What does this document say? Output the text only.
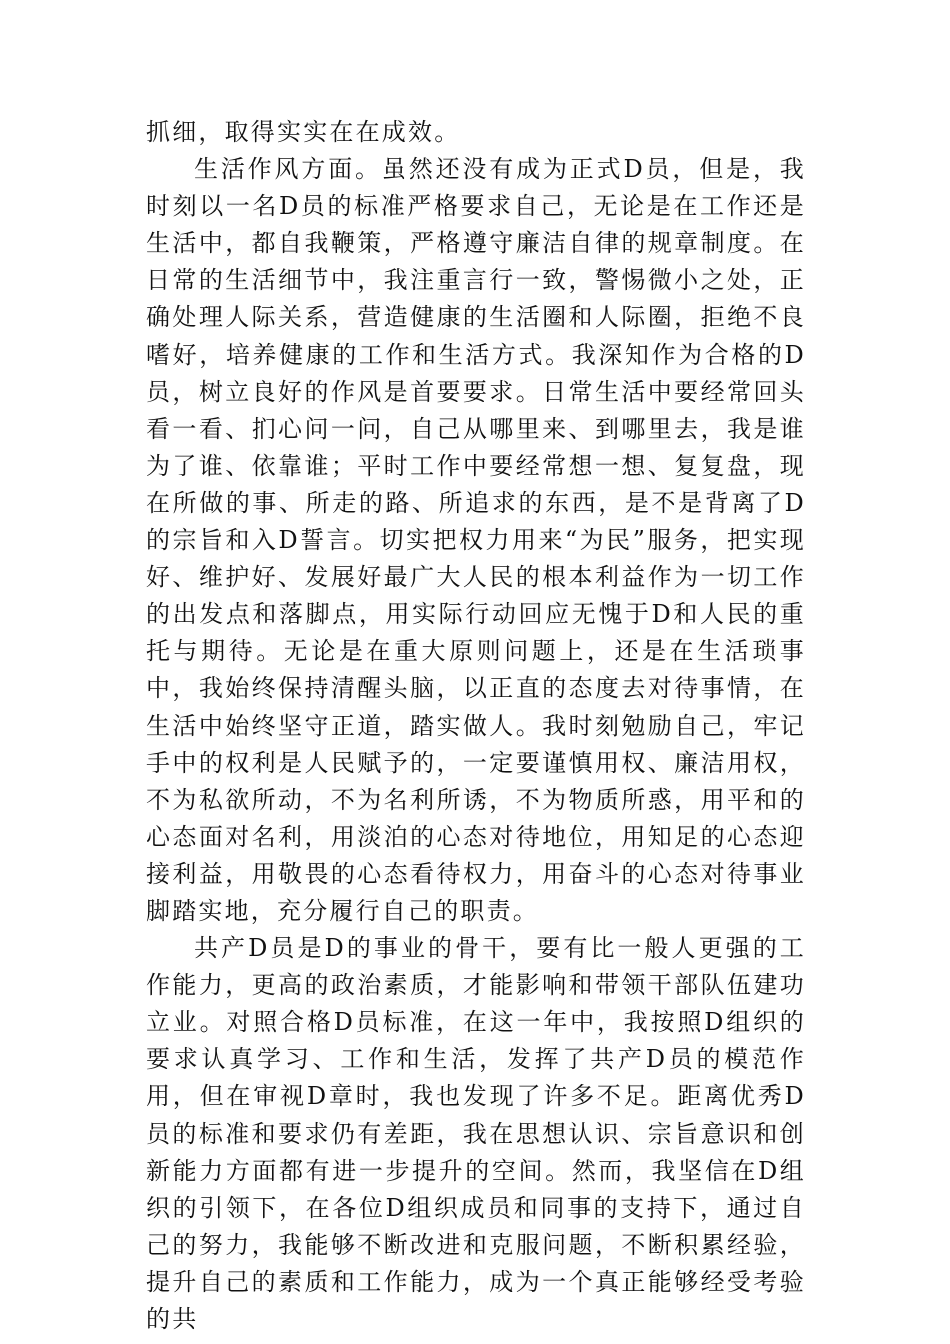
抓细，取得实实在在成效。

生活作风方面。虽然还没有成为正式D员，但是，我时刻以一名D员的标准严格要求自己，无论是在工作还是生活中，都自我鞭策，严格遵守廉洁自律的规章制度。在日常的生活细节中，我注重言行一致，警惕微小之处，正确处理人际关系，营造健康的生活圈和人际圈，拒绝不良嗜好，培养健康的工作和生活方式。我深知作为合格的D员，树立良好的作风是首要要求。日常生活中要经常回头看一看、扪心问一问，自己从哪里来、到哪里去，我是谁为了谁、依靠谁；平时工作中要经常想一想、复复盘，现在所做的事、所走的路、所追求的东西，是不是背离了D的宗旨和入D誓言。切实把权力用来“为民”服务，把实现好、维护好、发展好最广大人民的根本利益作为一切工作的出发点和落脚点，用实际行动回应无愧于D和人民的重托与期待。无论是在重大原则问题上，还是在生活琐事中，我始终保持清醒头脑，以正直的态度去对待事情，在生活中始终坚守正道，踏实做人。我时刻勉励自己，牢记手中的权利是人民赋予的，一定要谨慎用权、廉洁用权，不为私欲所动，不为名利所诱，不为物质所惑，用平和的心态面对名利，用淡泊的心态对待地位，用知足的心态迎接利益，用敬畏的心态看待权力，用奋斗的心态对待事业脚踏实地，充分履行自己的职责。

共产D员是D的事业的骨干，要有比一般人更强的工作能力，更高的政治素质，才能影响和带领干部队伍建功立业。对照合格D员标准，在这一年中，我按照D组织的要求认真学习、工作和生活，发挥了共产D员的模范作用，但在审视D章时，我也发现了许多不足。距离优秀D员的标准和要求仍有差距，我在思想认识、宗旨意识和创新能力方面都有进一步提升的空间。然而，我坚信在D组织的引领下，在各位D组织成员和同事的支持下，通过自己的努力，我能够不断改进和克服问题，不断积累经验，提升自己的素质和工作能力，成为一个真正能够经受考验的共
